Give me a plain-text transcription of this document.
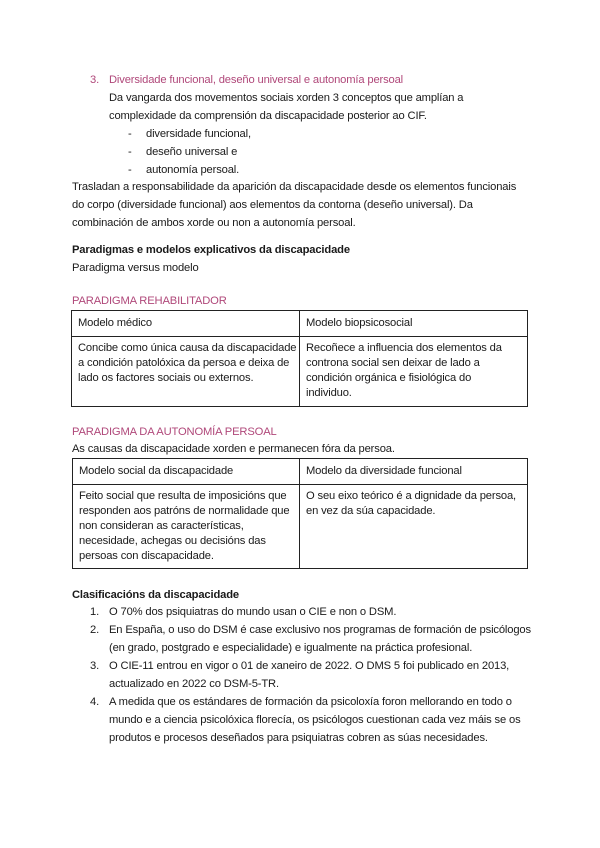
3. Diversidade funcional, deseño universal e autonomía persoal
Da vangarda dos movementos sociais xorden 3 conceptos que amplían a
complexidade da comprensión da discapacidade posterior ao CIF.
- diversidade funcional,
- deseño universal e
- autonomía persoal.
Trasladan a responsabilidade da aparición da discapacidade desde os elementos funcionais
do corpo (diversidade funcional) aos elementos da contorna (deseño universal). Da
combinación de ambos xorde ou non a autonomía persoal.
Paradigmas e modelos explicativos da discapacidade
Paradigma versus modelo
PARADIGMA REHABILITADOR
Modelo médico	Modelo biopsicosocial

Concibe como única causa da discapacidade
a condición patolóxica da persoa e deixa de
lado os factores sociais ou externos.	Recoñece a influencia dos elementos da
controna social sen deixar de lado a
condición orgánica e fisiológica do
individuo.
PARADIGMA DA AUTONOMÍA PERSOAL
As causas da discapacidade xorden e permanecen fóra da persoa.
Modelo social da discapacidade	Modelo da diversidade funcional

Feito social que resulta de imposicións que
responden aos patróns de normalidade que
non consideran as características,
necesidade, achegas ou decisións das
persoas con discapacidade.	O seu eixo teórico é a dignidade da persoa,
en vez da súa capacidade.
Clasificacións da discapacidade
1. O 70% dos psiquiatras do mundo usan o CIE e non o DSM.
2. En España, o uso do DSM é case exclusivo nos programas de formación de psicólogos
(en grado, postgrado e especialidade) e igualmente na práctica profesional.
3. O CIE-11 entrou en vigor o 01 de xaneiro de 2022. O DMS 5 foi publicado en 2013,
actualizado en 2022 co DSM-5-TR.
4. A medida que os estándares de formación da psicoloxía foron mellorando en todo o
mundo e a ciencia psicolóxica florecía, os psicólogos cuestionan cada vez máis se os
produtos e procesos deseñados para psiquiatras cobren as súas necesidades.
